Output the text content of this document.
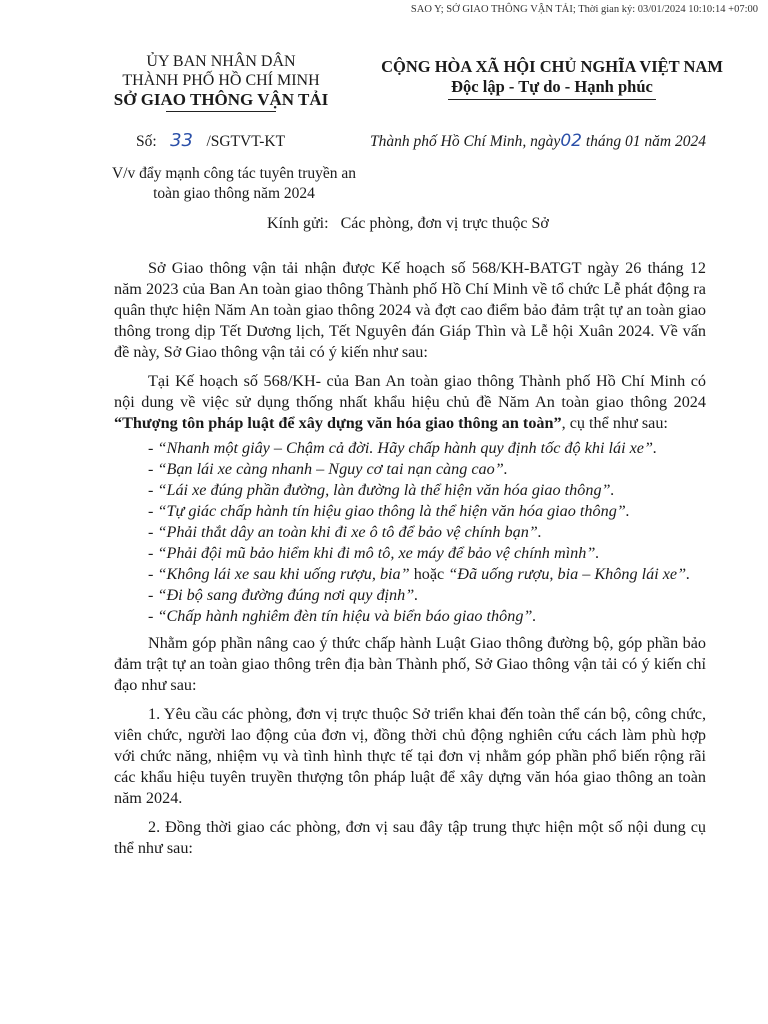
SAO Y; SỞ GIAO THÔNG VẬN TẢI; Thời gian ký: 03/01/2024 10:10:14 +07:00
ỦY BAN NHÂN DÂN
THÀNH PHỐ HỒ CHÍ MINH
SỞ GIAO THÔNG VẬN TẢI
CỘNG HÒA XÃ HỘI CHỦ NGHĨA VIỆT NAM
Độc lập - Tự do - Hạnh phúc
Số: 33 /SGTVT-KT	Thành phố Hồ Chí Minh, ngày02 tháng 01 năm 2024
V/v đẩy mạnh công tác tuyên truyền an
toàn giao thông năm 2024
Kính gửi:   Các phòng, đơn vị trực thuộc Sở

Sở Giao thông vận tải nhận được Kế hoạch số 568/KH-BATGT ngày 26 tháng 12 năm 2023 của Ban An toàn giao thông Thành phố Hồ Chí Minh về tổ chức Lễ phát động ra quân thực hiện Năm An toàn giao thông 2024 và đợt cao điểm bảo đảm trật tự an toàn giao thông trong dịp Tết Dương lịch, Tết Nguyên đán Giáp Thìn và Lễ hội Xuân 2024. Về vấn đề này, Sở Giao thông vận tải có ý kiến như sau:

Tại Kế hoạch số 568/KH- của Ban An toàn giao thông Thành phố Hồ Chí Minh có nội dung về việc sử dụng thống nhất khẩu hiệu chủ đề Năm An toàn giao thông 2024 “Thượng tôn pháp luật để xây dựng văn hóa giao thông an toàn”, cụ thể như sau:

- “Nhanh một giây – Chậm cả đời. Hãy chấp hành quy định tốc độ khi lái xe”.

- “Bạn lái xe càng nhanh – Nguy cơ tai nạn càng cao”.

- “Lái xe đúng phần đường, làn đường là thể hiện văn hóa giao thông”.

- “Tự giác chấp hành tín hiệu giao thông là thể hiện văn hóa giao thông”.

- “Phải thắt dây an toàn khi đi xe ô tô để bảo vệ chính bạn”.

- “Phải đội mũ bảo hiểm khi đi mô tô, xe máy để bảo vệ chính mình”.

- “Không lái xe sau khi uống rượu, bia” hoặc “Đã uống rượu, bia – Không lái xe”.

- “Đi bộ sang đường đúng nơi quy định”.

- “Chấp hành nghiêm đèn tín hiệu và biển báo giao thông”.

Nhằm góp phần nâng cao ý thức chấp hành Luật Giao thông đường bộ, góp phần bảo đảm trật tự an toàn giao thông trên địa bàn Thành phố, Sở Giao thông vận tải có ý kiến chỉ đạo như sau:

1. Yêu cầu các phòng, đơn vị trực thuộc Sở triển khai đến toàn thể cán bộ, công chức, viên chức, người lao động của đơn vị, đồng thời chủ động nghiên cứu cách làm phù hợp với chức năng, nhiệm vụ và tình hình thực tế tại đơn vị nhằm góp phần phổ biến rộng rãi các khẩu hiệu tuyên truyền thượng tôn pháp luật để xây dựng văn hóa giao thông an toàn năm 2024.

2. Đồng thời giao các phòng, đơn vị sau đây tập trung thực hiện một số nội dung cụ thể như sau:
